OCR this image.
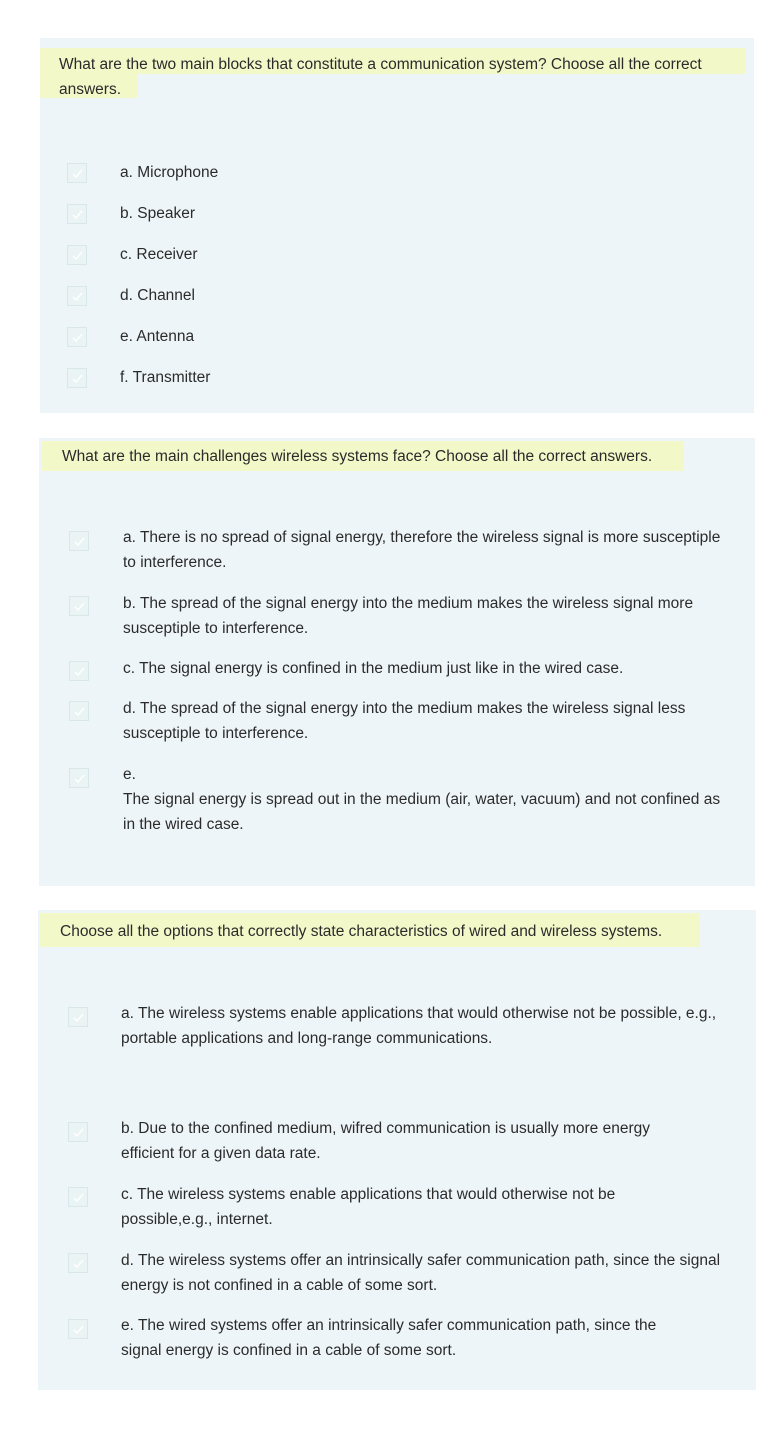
What are the two main blocks that constitute a communication system? Choose all the correct answers.
a. Microphone
b. Speaker
c. Receiver
d. Channel
e. Antenna
f. Transmitter
What are the main challenges wireless systems face? Choose all the correct answers.
a. There is no spread of signal energy, therefore the wireless signal is more susceptiple to interference.
b. The spread of the signal energy into the medium makes the wireless signal more susceptiple to interference.
c. The signal energy is confined in the medium just like in the wired case.
d. The spread of the signal energy into the medium makes the wireless signal less susceptiple to interference.
e.
The signal energy is spread out in the medium (air, water, vacuum) and not confined as in the wired case.
Choose all the options that correctly state characteristics of wired and wireless systems.
a. The wireless systems enable applications that would otherwise not be possible, e.g., portable applications and long-range communications.
b. Due to the confined medium, wifred communication is usually more energy efficient for a given data rate.
c. The wireless systems enable applications that would otherwise not be possible,e.g., internet.
d. The wireless systems offer an intrinsically safer communication path, since the signal energy is not confined in a cable of some sort.
e. The wired systems offer an intrinsically safer communication path, since the signal energy is confined in a cable of some sort.
